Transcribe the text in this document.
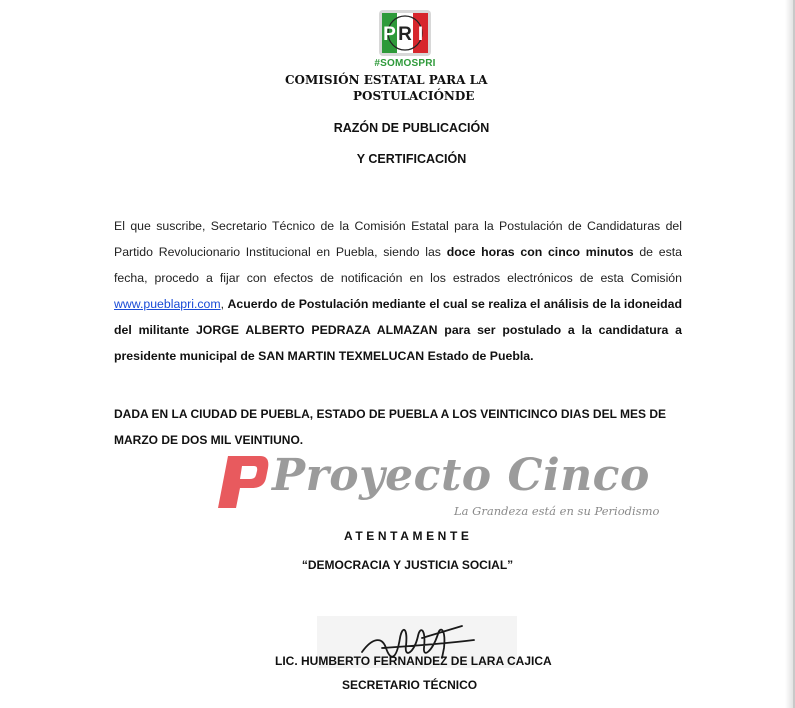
P R I
#SOMOSPRI
COMISIÓN ESTATAL PARA LA
POSTULACIÓNDE
RAZÓN DE PUBLICACIÓN
Y CERTIFICACIÓN
El que suscribe, Secretario Técnico de la Comisión Estatal para la Postulación de Candidaturas del Partido Revolucionario Institucional en Puebla, siendo las doce horas con cinco minutos de esta fecha, procedo a fijar con efectos de notificación en los estrados electrónicos de esta Comisión www.pueblapri.com, Acuerdo de Postulación mediante el cual se realiza el análisis de la idoneidad del militante JORGE ALBERTO PEDRAZA ALMAZAN para ser postulado a la candidatura a presidente municipal de SAN MARTIN TEXMELUCAN Estado de Puebla.
DADA EN LA CIUDAD DE PUEBLA, ESTADO DE PUEBLA A LOS VEINTICINCO DIAS DEL MES DE MARZO DE DOS MIL VEINTIUNO.
Proyecto Cinco
La Grandeza está en su Periodismo
ATENTAMENTE
“DEMOCRACIA Y JUSTICIA SOCIAL”
LIC. HUMBERTO FERNANDEZ DE LARA CAJICA
SECRETARIO TÉCNICO
